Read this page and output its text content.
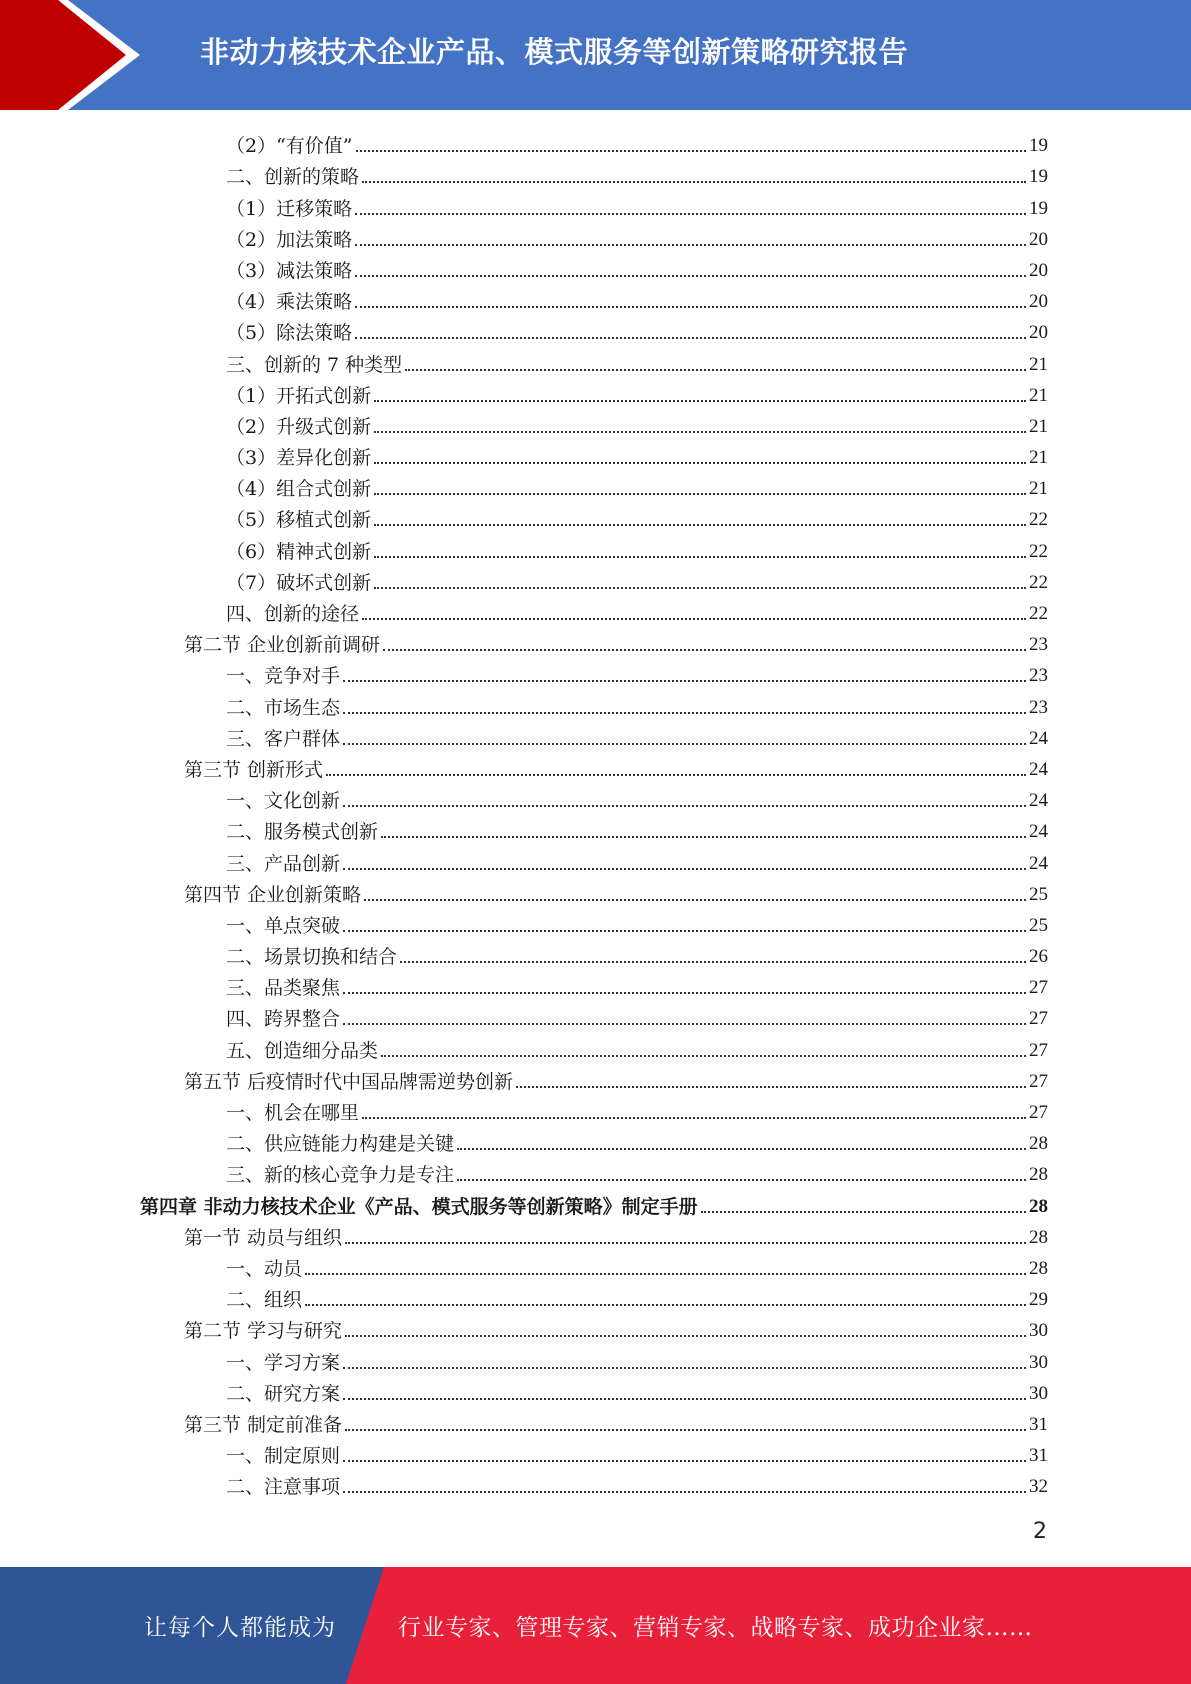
非动力核技术企业产品、模式服务等创新策略研究报告
（2）“有价值”	19
二、创新的策略	19
（1）迁移策略	19
（2）加法策略	20
（3）减法策略	20
（4）乘法策略	20
（5）除法策略	20
三、创新的 7 种类型	21
（1）开拓式创新	21
（2）升级式创新	21
（3）差异化创新	21
（4）组合式创新	21
（5）移植式创新	22
（6）精神式创新	22
（7）破坏式创新	22
四、创新的途径	22
第二节 企业创新前调研	23
一、竞争对手	23
二、市场生态	23
三、客户群体	24
第三节 创新形式	24
一、文化创新	24
二、服务模式创新	24
三、产品创新	24
第四节 企业创新策略	25
一、单点突破	25
二、场景切换和结合	26
三、品类聚焦	27
四、跨界整合	27
五、创造细分品类	27
第五节 后疫情时代中国品牌需逆势创新	27
一、机会在哪里	27
二、供应链能力构建是关键	28
三、新的核心竞争力是专注	28
第四章 非动力核技术企业《产品、模式服务等创新策略》制定手册	28
第一节 动员与组织	28
一、动员	28
二、组织	29
第二节 学习与研究	30
一、学习方案	30
二、研究方案	30
第三节 制定前准备	31
一、制定原则	31
二、注意事项	32
2
让每个人都能成为	行业专家、管理专家、营销专家、战略专家、成功企业家……
